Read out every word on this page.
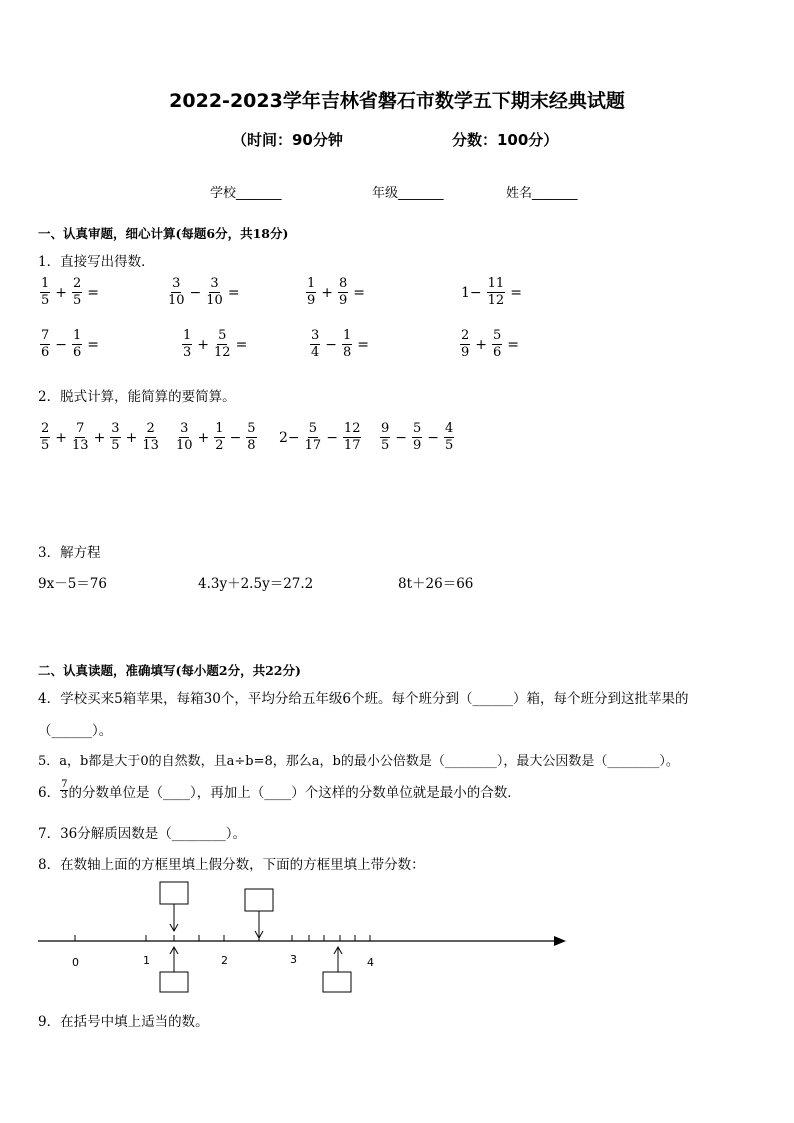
2022-2023学年吉林省磐石市数学五下期末经典试题
（时间：90分钟	分数：100分）
学校_______	年级_______	姓名_______
一、认真审题，细心计算(每题6分，共18分)
1．直接写出得数．
$\frac{1}{5} + \frac{2}{5}$ =	$\frac{3}{10} - \frac{3}{10}$ =	$\frac{1}{9} + \frac{8}{9}$ =	$1- \frac{11}{12}$ =
$\frac{7}{6} - \frac{1}{6}$ =	$\frac{1}{3} + \frac{5}{12}$ =	$\frac{3}{4} - \frac{1}{8}$ =	$\frac{2}{9} + \frac{5}{6}$ =
2．脱式计算，能简算的要简算。
$\frac{2}{5} + \frac{7}{13} + \frac{3}{5} + \frac{2}{13} \frac{3}{10} + \frac{1}{2} - \frac{5}{8} 2- \frac{5}{17} - \frac{12}{17} \frac{9}{5} - \frac{5}{9} - \frac{4}{5}$
3．解方程
9x－5＝76	4.3y＋2.5y＝27.2	8t＋26＝66
二、认真读题，准确填写(每小题2分，共22分)
4．学校买来5箱苹果，每箱30个，平均分给五年级6个班。每个班分到（______）箱，每个班分到这批苹果的
（______）。
5．a，b都是大于0的自然数，且a÷b=8，那么a，b的最小公倍数是（________），最大公因数是（________）。
6． $\frac{7}{3}$ 的分数单位是（____），再加上（____）个这样的分数单位就是最小的合数．
7．36分解质因数是（________）。
8．在数轴上面的方框里填上假分数，下面的方框里填上带分数：
0	1	2	3	4
9．在括号中填上适当的数。
